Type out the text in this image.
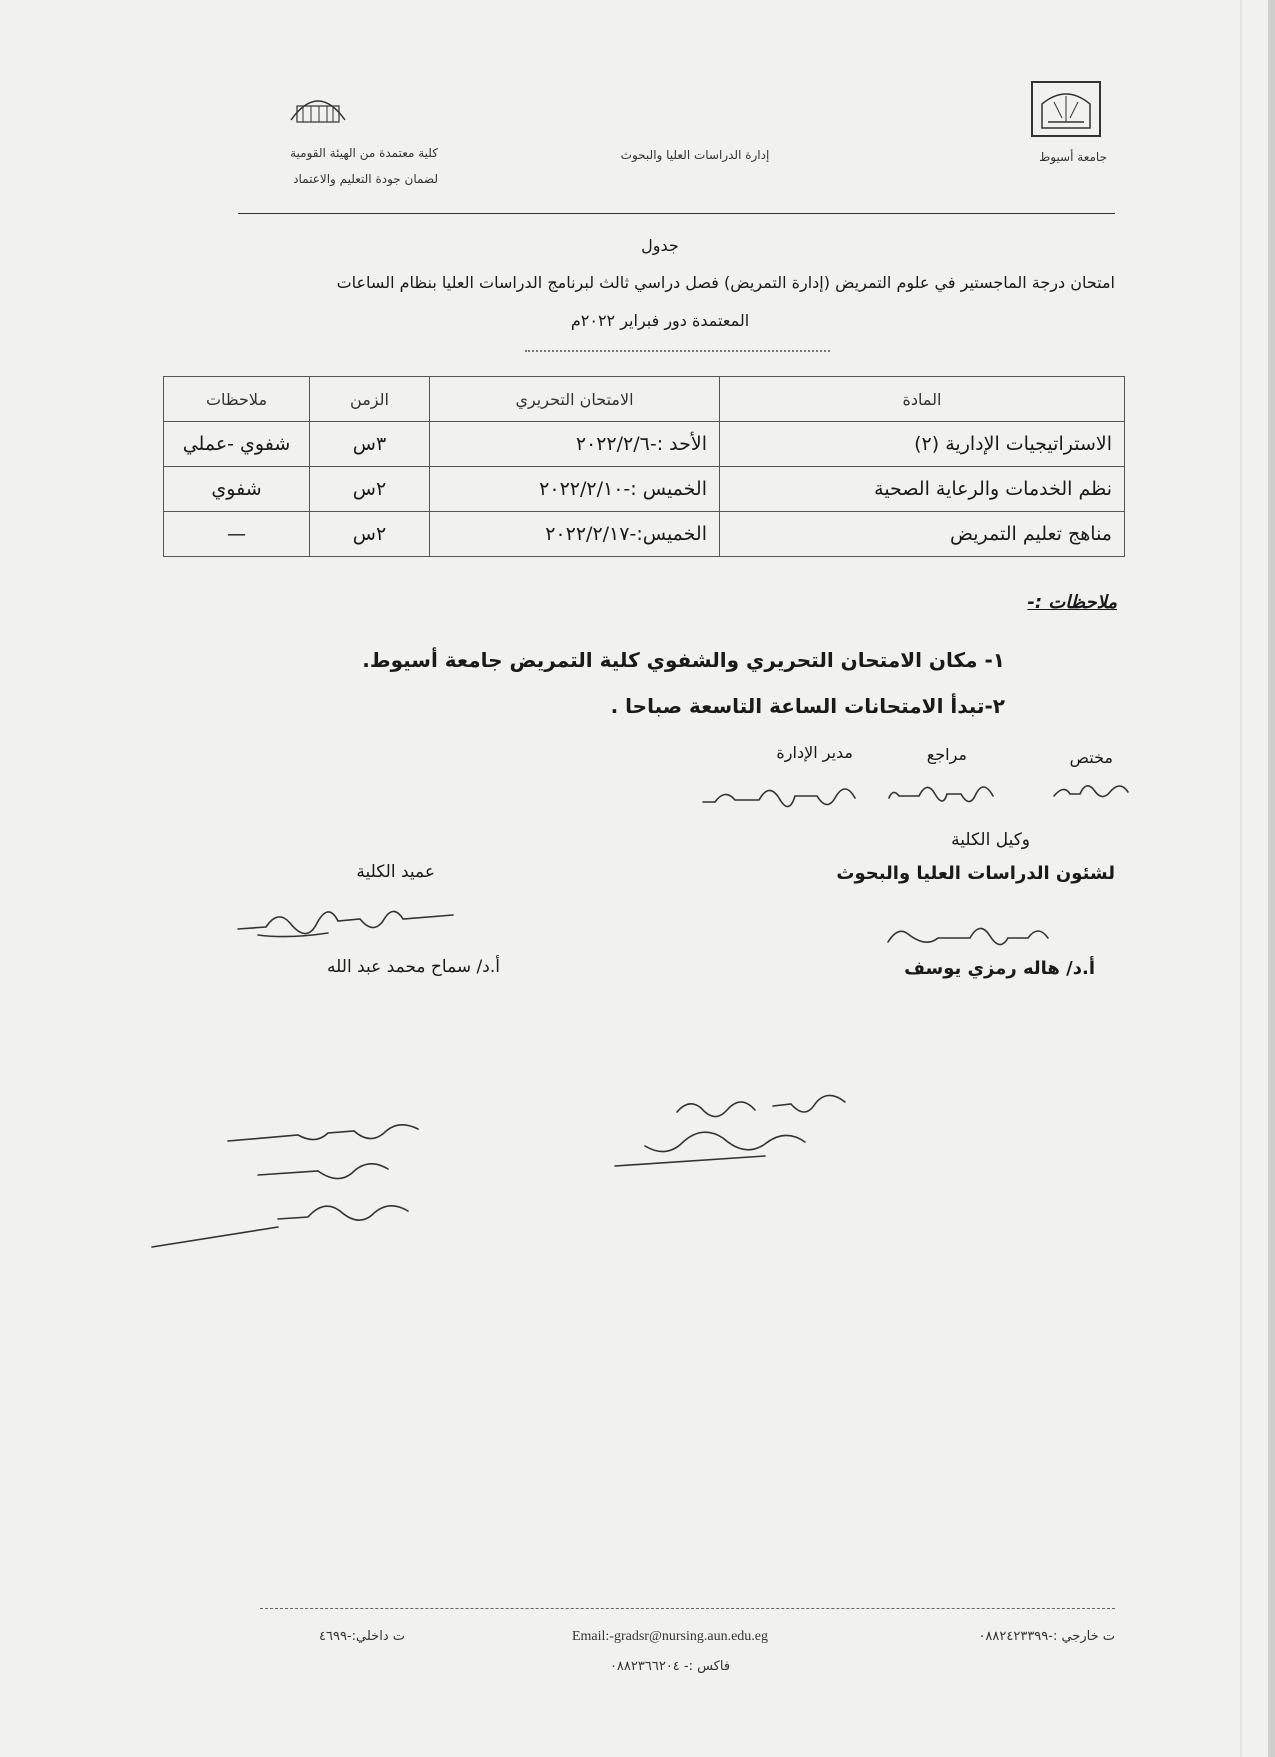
جامعة أسيوط
إدارة الدراسات العليا والبحوث
كلية معتمدة من الهيئة القومية
لضمان جودة التعليم والاعتماد
جدول
امتحان درجة الماجستير في علوم التمريض (إدارة التمريض) فصل دراسي ثالث لبرنامج الدراسات العليا بنظام الساعات
المعتمدة دور فبراير ٢٠٢٢م
المادة	الامتحان التحريري	الزمن	ملاحظات
الاستراتيجيات الإدارية (٢)	الأحد :-٢٠٢٢/٢/٦	٣س	شفوي -عملي
نظم الخدمات والرعاية الصحية	الخميس :-٢٠٢٢/٢/١٠	٢س	شفوي
مناهج تعليم التمريض	الخميس:-٢٠٢٢/٢/١٧	٢س	—
ملاحظات :-
١- مكان الامتحان التحريري والشفوي كلية التمريض جامعة أسيوط.
٢-تبدأ الامتحانات الساعة التاسعة صباحا .
مختص
مراجع
مدير الإدارة
وكيل الكلية
لشئون الدراسات العليا والبحوث
عميد الكلية
أ.د/ هاله رمزي يوسف
أ.د/ سماح محمد عبد الله
ت خارجي :-٠٨٨٢٤٢٣٣٩٩
Email:-gradsr@nursing.aun.edu.eg
ت داخلي:-٤٦٩٩
فاكس :- ٠٨٨٢٣٦٦٢٠٤
